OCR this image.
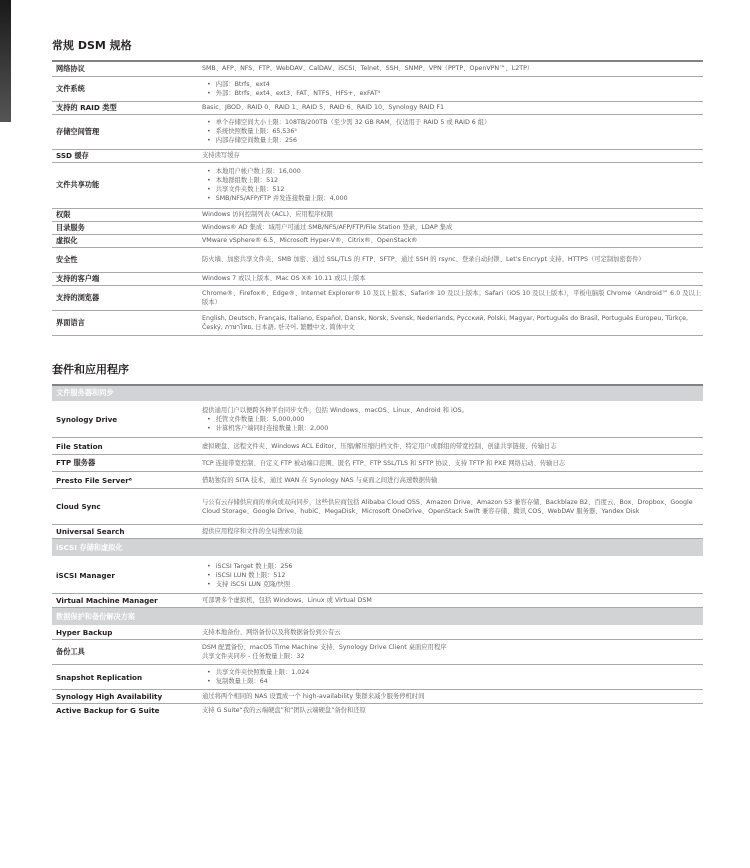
常规 DSM 规格
网络协议	SMB、AFP、NFS、FTP、WebDAV、CalDAV、iSCSI、Telnet、SSH、SNMP、VPN（PPTP、OpenVPN™、L2TP）

文件系统	• 内部：Btrfs、ext4
• 外部：Btrfs、ext4、ext3、FAT、NTFS、HFS+、exFAT⁴

支持的 RAID 类型	Basic、JBOD、RAID 0、RAID 1、RAID 5、RAID 6、RAID 10、Synology RAID F1

存储空间管理	• 单个存储空间大小上限：108TB/200TB（至少需 32 GB RAM，仅适用于 RAID 5 或 RAID 6 组）
• 系统快照数量上限：65,536⁵
• 内部存储空间数量上限：256

SSD 缓存	支持读写缓存

文件共享功能	• 本地用户帐户数上限：16,000
• 本地群组数上限：512
• 共享文件夹数上限：512
• SMB/NFS/AFP/FTP 并发连接数量上限：4,000

权限	Windows 访问控制列表 (ACL)、应用程序权限

目录服务	Windows® AD 集成：域用户可通过 SMB/NFS/AFP/FTP/File Station 登录，LDAP 集成

虚拟化	VMware vSphere® 6.5、Microsoft Hyper-V®、Citrix®、OpenStack®

安全性	防火墙、加密共享文件夹、SMB 加密、通过 SSL/TLS 的 FTP、SFTP、通过 SSH 的 rsync、登录自动封锁、Let's Encrypt 支持、HTTPS（可定制加密套件）

支持的客户端	Windows 7 或以上版本、Mac OS X® 10.11 或以上版本

支持的浏览器	Chrome®、Firefox®、Edge®、Internet Explorer® 10 及以上版本、Safari® 10 及以上版本；Safari（iOS 10 及以上版本），平板电脑版 Chrome（Android™ 6.0 及以上版本）

界面语言	English, Deutsch, Français, Italiano, Español, Dansk, Norsk, Svensk, Nederlands, Русский, Polski, Magyar, Português do Brasil, Português Europeu, Türkçe, Český, ภาษาไทย, 日本語, 한국어, 繁體中文, 简体中文
套件和应用程序
文件服务器和同步	
Synology Drive	提供通用门户以便跨各种平台同步文件，包括 Windows、macOS、Linux、Android 和 iOS。
• 托管文件数量上限：5,000,000
• 计算机客户端同时连接数量上限：2,000

File Station	虚拟硬盘、远程文件夹、Windows ACL Editor、压缩/解压缩归档文件、特定用户或群组的带宽控制、创建共享链接、传输日志

FTP 服务器	TCP 连接带宽控制、自定义 FTP 被动端口范围、匿名 FTP、FTP SSL/TLS 和 SFTP 协议、支持 TFTP 和 PXE 网络启动、传输日志

Presto File Server⁶	借助独有的 SITA 技术，通过 WAN 在 Synology NAS 与桌面之间进行高速数据传输

Cloud Sync	与公有云存储供应商的单向或双向同步，这些供应商包括 Alibaba Cloud OSS、Amazon Drive、Amazon S3 兼容存储、Backblaze B2、百度云、Box、Dropbox、Google Cloud Storage、Google Drive、hubiC、MegaDisk、Microsoft OneDrive、OpenStack Swift 兼容存储、腾讯 COS、WebDAV 服务器、Yandex Disk

Universal Search	提供应用程序和文件的全局搜索功能

iSCSI 存储和虚拟化	
iSCSI Manager	• iSCSI Target 数上限：256
• iSCSI LUN 数上限：512
• 支持 iSCSI LUN 克隆/快照

Virtual Machine Manager	可部署多个虚拟机，包括 Windows、Linux 或 Virtual DSM

数据保护和备份解决方案	
Hyper Backup	支持本地备份、网络备份以及将数据备份到公有云

备份工具	DSM 配置备份、macOS Time Machine 支持、Synology Drive Client 桌面应用程序
共享文件夹同步 - 任务数量上限：32

Snapshot Replication	• 共享文件夹快照数量上限：1,024
• 复制数量上限：64

Synology High Availability	通过将两个相同的 NAS 设置成一个 high-availability 集群来减少服务停机时间

Active Backup for G Suite	支持 G Suite“我的云端硬盘”和“团队云端硬盘”备份和还原
